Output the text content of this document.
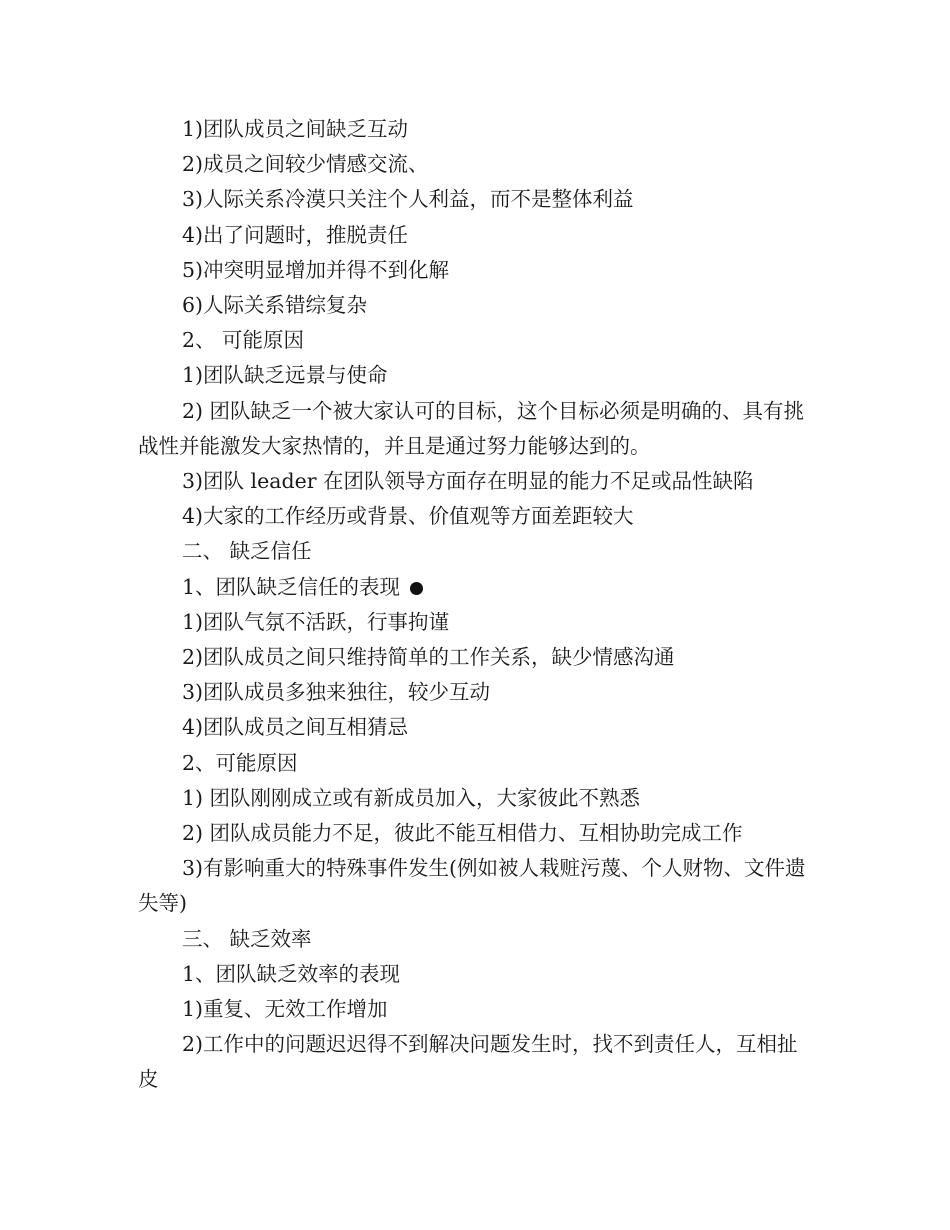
1)团队成员之间缺乏互动

2)成员之间较少情感交流、

3)人际关系冷漠只关注个人利益，而不是整体利益

4)出了问题时，推脱责任

5)冲突明显增加并得不到化解

6)人际关系错综复杂

2、 可能原因

1)团队缺乏远景与使命

2) 团队缺乏一个被大家认可的目标，这个目标必须是明确的、具有挑战性并能激发大家热情的，并且是通过努力能够达到的。

3)团队 leader 在团队领导方面存在明显的能力不足或品性缺陷

4)大家的工作经历或背景、价值观等方面差距较大

二、 缺乏信任

1、团队缺乏信任的表现

1)团队气氛不活跃，行事拘谨

2)团队成员之间只维持简单的工作关系，缺少情感沟通

3)团队成员多独来独往，较少互动

4)团队成员之间互相猜忌

2、可能原因

1) 团队刚刚成立或有新成员加入，大家彼此不熟悉

2) 团队成员能力不足，彼此不能互相借力、互相协助完成工作

3)有影响重大的特殊事件发生(例如被人栽赃污蔑、个人财物、文件遗失等)

三、 缺乏效率

1、团队缺乏效率的表现

1)重复、无效工作增加

2)工作中的问题迟迟得不到解决问题发生时，找不到责任人，互相扯皮
